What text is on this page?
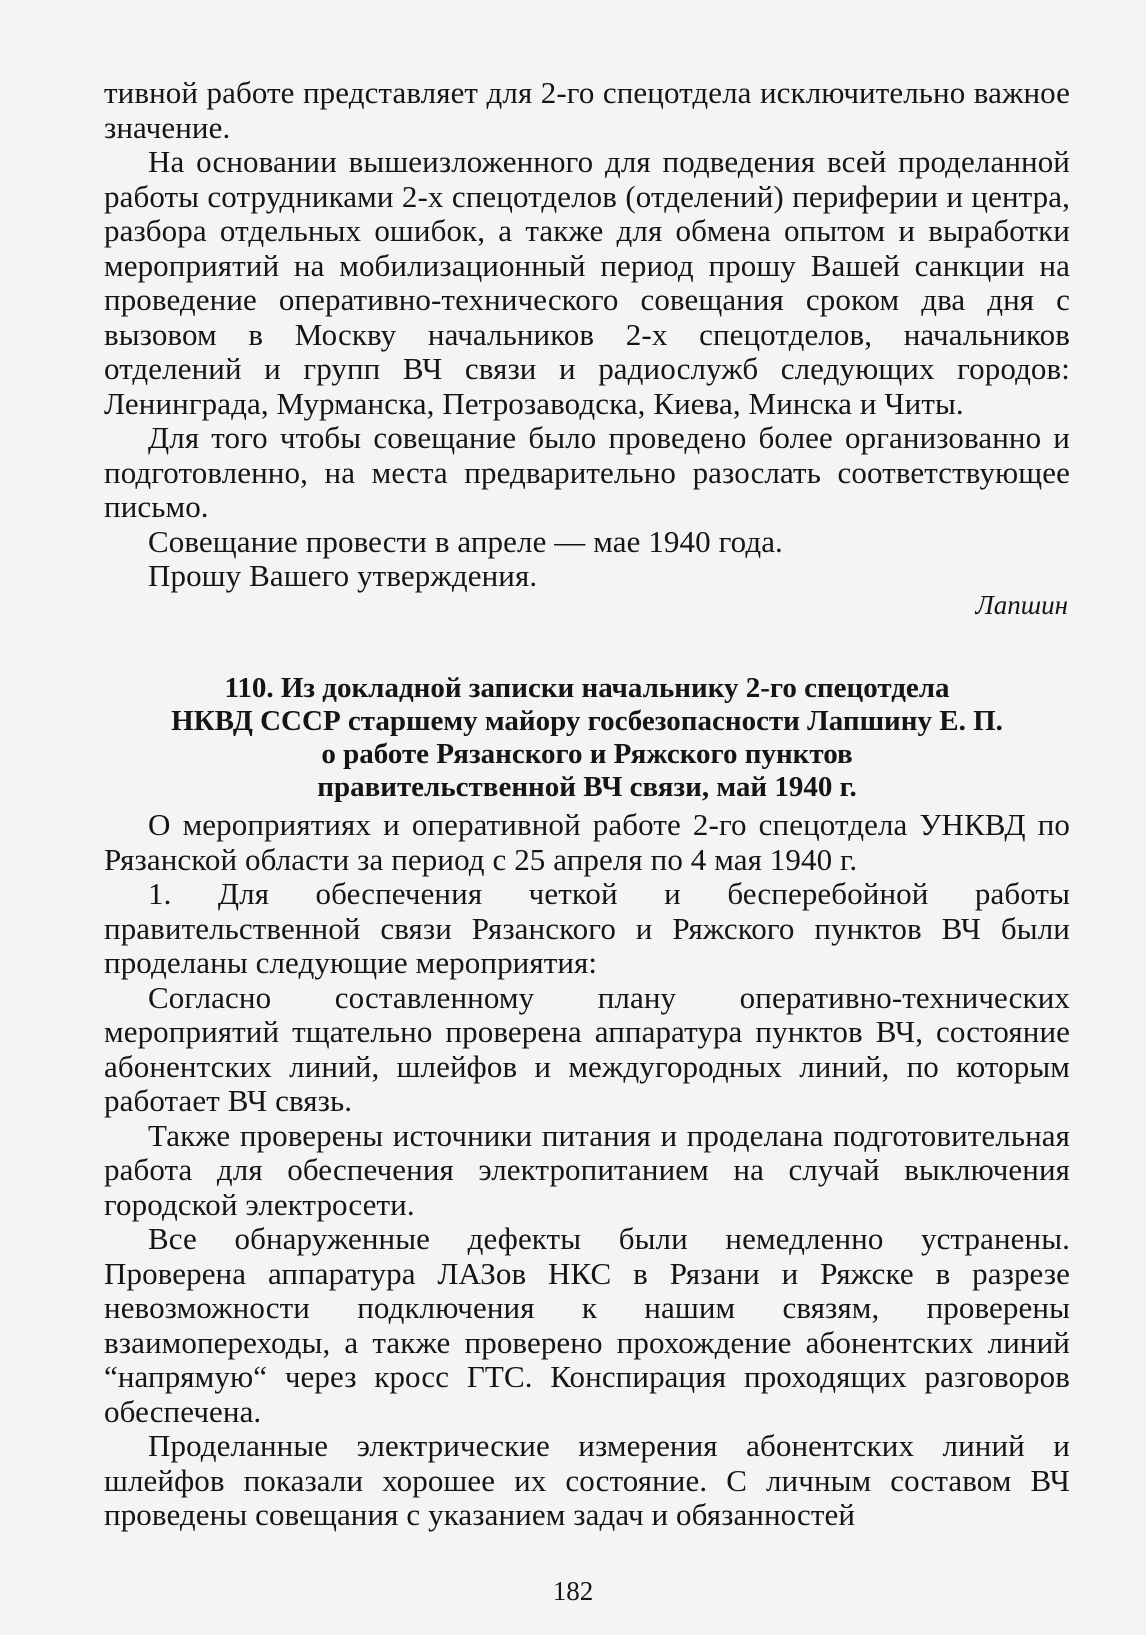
тивной работе представляет для 2-го спецотдела исключительно важное значение.

На основании вышеизложенного для подведения всей проделанной работы сотрудниками 2-х спецотделов (отделений) периферии и центра, разбора отдельных ошибок, а также для обмена опытом и выработки мероприятий на мобилизационный период прошу Вашей санкции на проведение оперативно-технического совещания сроком два дня с вызовом в Москву начальников 2-х спецотделов, начальников отделений и групп ВЧ связи и радиослужб следующих городов: Ленинграда, Мурманска, Петрозаводска, Киева, Минска и Читы.

Для того чтобы совещание было проведено более организованно и подготовленно, на места предварительно разослать соответствующее письмо.

Совещание провести в апреле — мае 1940 года.

Прошу Вашего утверждения.

Лапшин
110. Из докладной записки начальнику 2-го спецотдела
НКВД СССР старшему майору госбезопасности Лапшину Е. П.
о работе Рязанского и Ряжского пунктов
правительственной ВЧ связи, май 1940 г.

О мероприятиях и оперативной работе 2-го спецотдела УНКВД по Рязанской области за период с 25 апреля по 4 мая 1940 г.

1. Для обеспечения четкой и бесперебойной работы правительственной связи Рязанского и Ряжского пунктов ВЧ были проделаны следующие мероприятия:

Согласно составленному плану оперативно-технических мероприятий тщательно проверена аппаратура пунктов ВЧ, состояние абонентских линий, шлейфов и междугородных линий, по которым работает ВЧ связь.

Также проверены источники питания и проделана подготовительная работа для обеспечения электропитанием на случай выключения городской электросети.

Все обнаруженные дефекты были немедленно устранены. Проверена аппаратура ЛАЗов НКС в Рязани и Ряжске в разрезе невозможности подключения к нашим связям, проверены взаимопереходы, а также проверено прохождение абонентских линий “напрямую“ через кросс ГТС. Конспирация проходящих разговоров обеспечена.

Проделанные электрические измерения абонентских линий и шлейфов показали хорошее их состояние. С личным составом ВЧ проведены совещания с указанием задач и обязанностей

182
